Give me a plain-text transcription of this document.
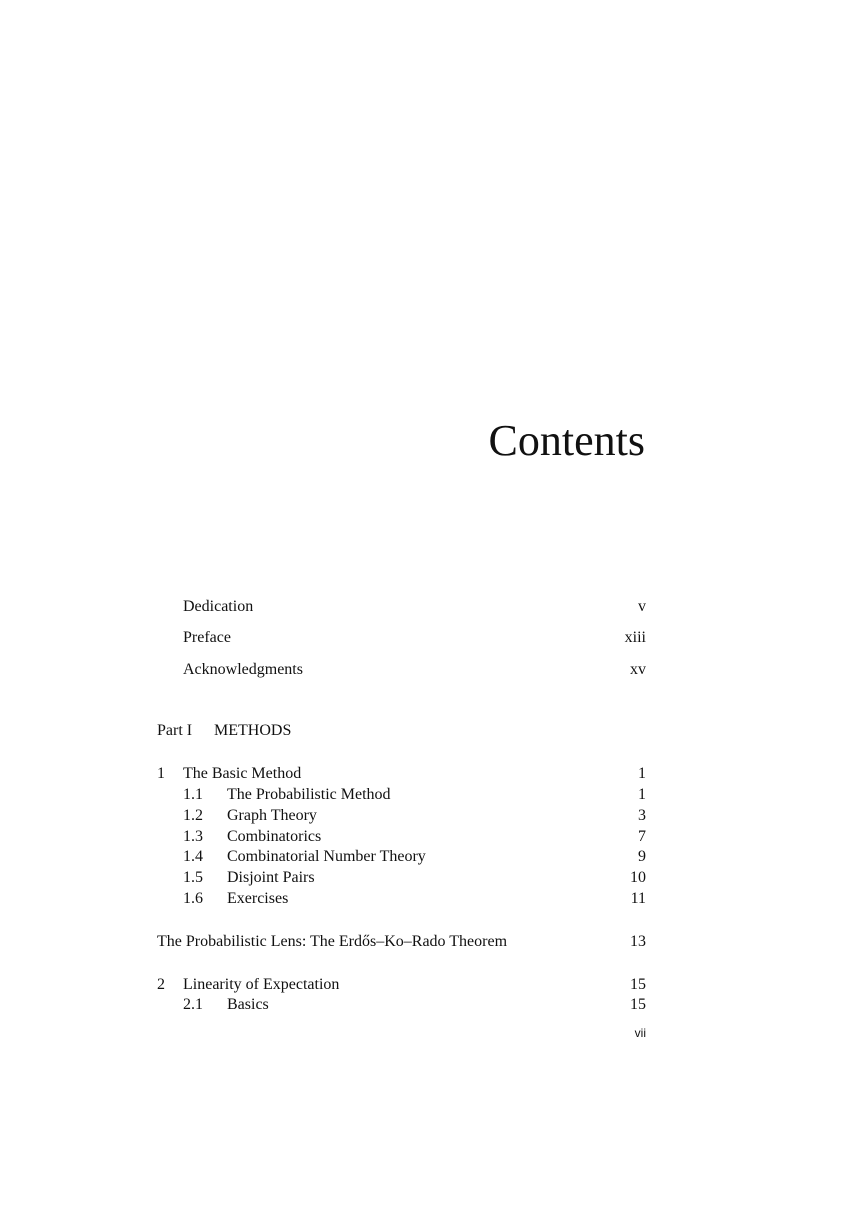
Contents
Dedication	v
Preface	xiii
Acknowledgments	xv
Part I METHODS
1 The Basic Method	1
1.1 The Probabilistic Method	1
1.2 Graph Theory	3
1.3 Combinatorics	7
1.4 Combinatorial Number Theory	9
1.5 Disjoint Pairs	10
1.6 Exercises	11
The Probabilistic Lens: The Erdős–Ko–Rado Theorem	13
2 Linearity of Expectation	15
2.1 Basics	15
vii
